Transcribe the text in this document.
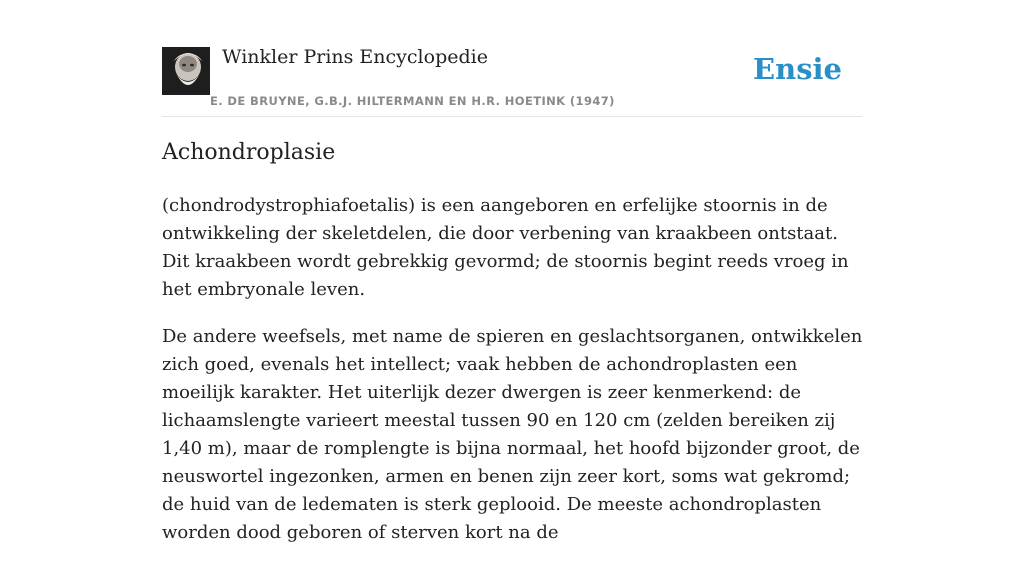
Winkler Prins Encyclopedie
E. DE BRUYNE, G.B.J. HILTERMANN EN H.R. HOETINK (1947)
Ensie
Achondroplasie

(chondrodystrophiafoetalis) is een aangeboren en erfelijke stoornis in de ontwikkeling der skeletdelen, die door verbening van kraakbeen ontstaat. Dit kraakbeen wordt gebrekkig gevormd; de stoornis begint reeds vroeg in het embryonale leven.

De andere weefsels, met name de spieren en geslachtsorganen, ontwikkelen zich goed, evenals het intellect; vaak hebben de achondroplasten een moeilijk karakter. Het uiterlijk dezer dwergen is zeer kenmerkend: de lichaamslengte varieert meestal tussen 90 en 120 cm (zelden bereiken zij 1,40 m), maar de romplengte is bijna normaal, het hoofd bijzonder groot, de neuswortel ingezonken, armen en benen zijn zeer kort, soms wat gekromd; de huid van de ledematen is sterk geplooid. De meeste achondroplasten worden dood geboren of sterven kort na de
